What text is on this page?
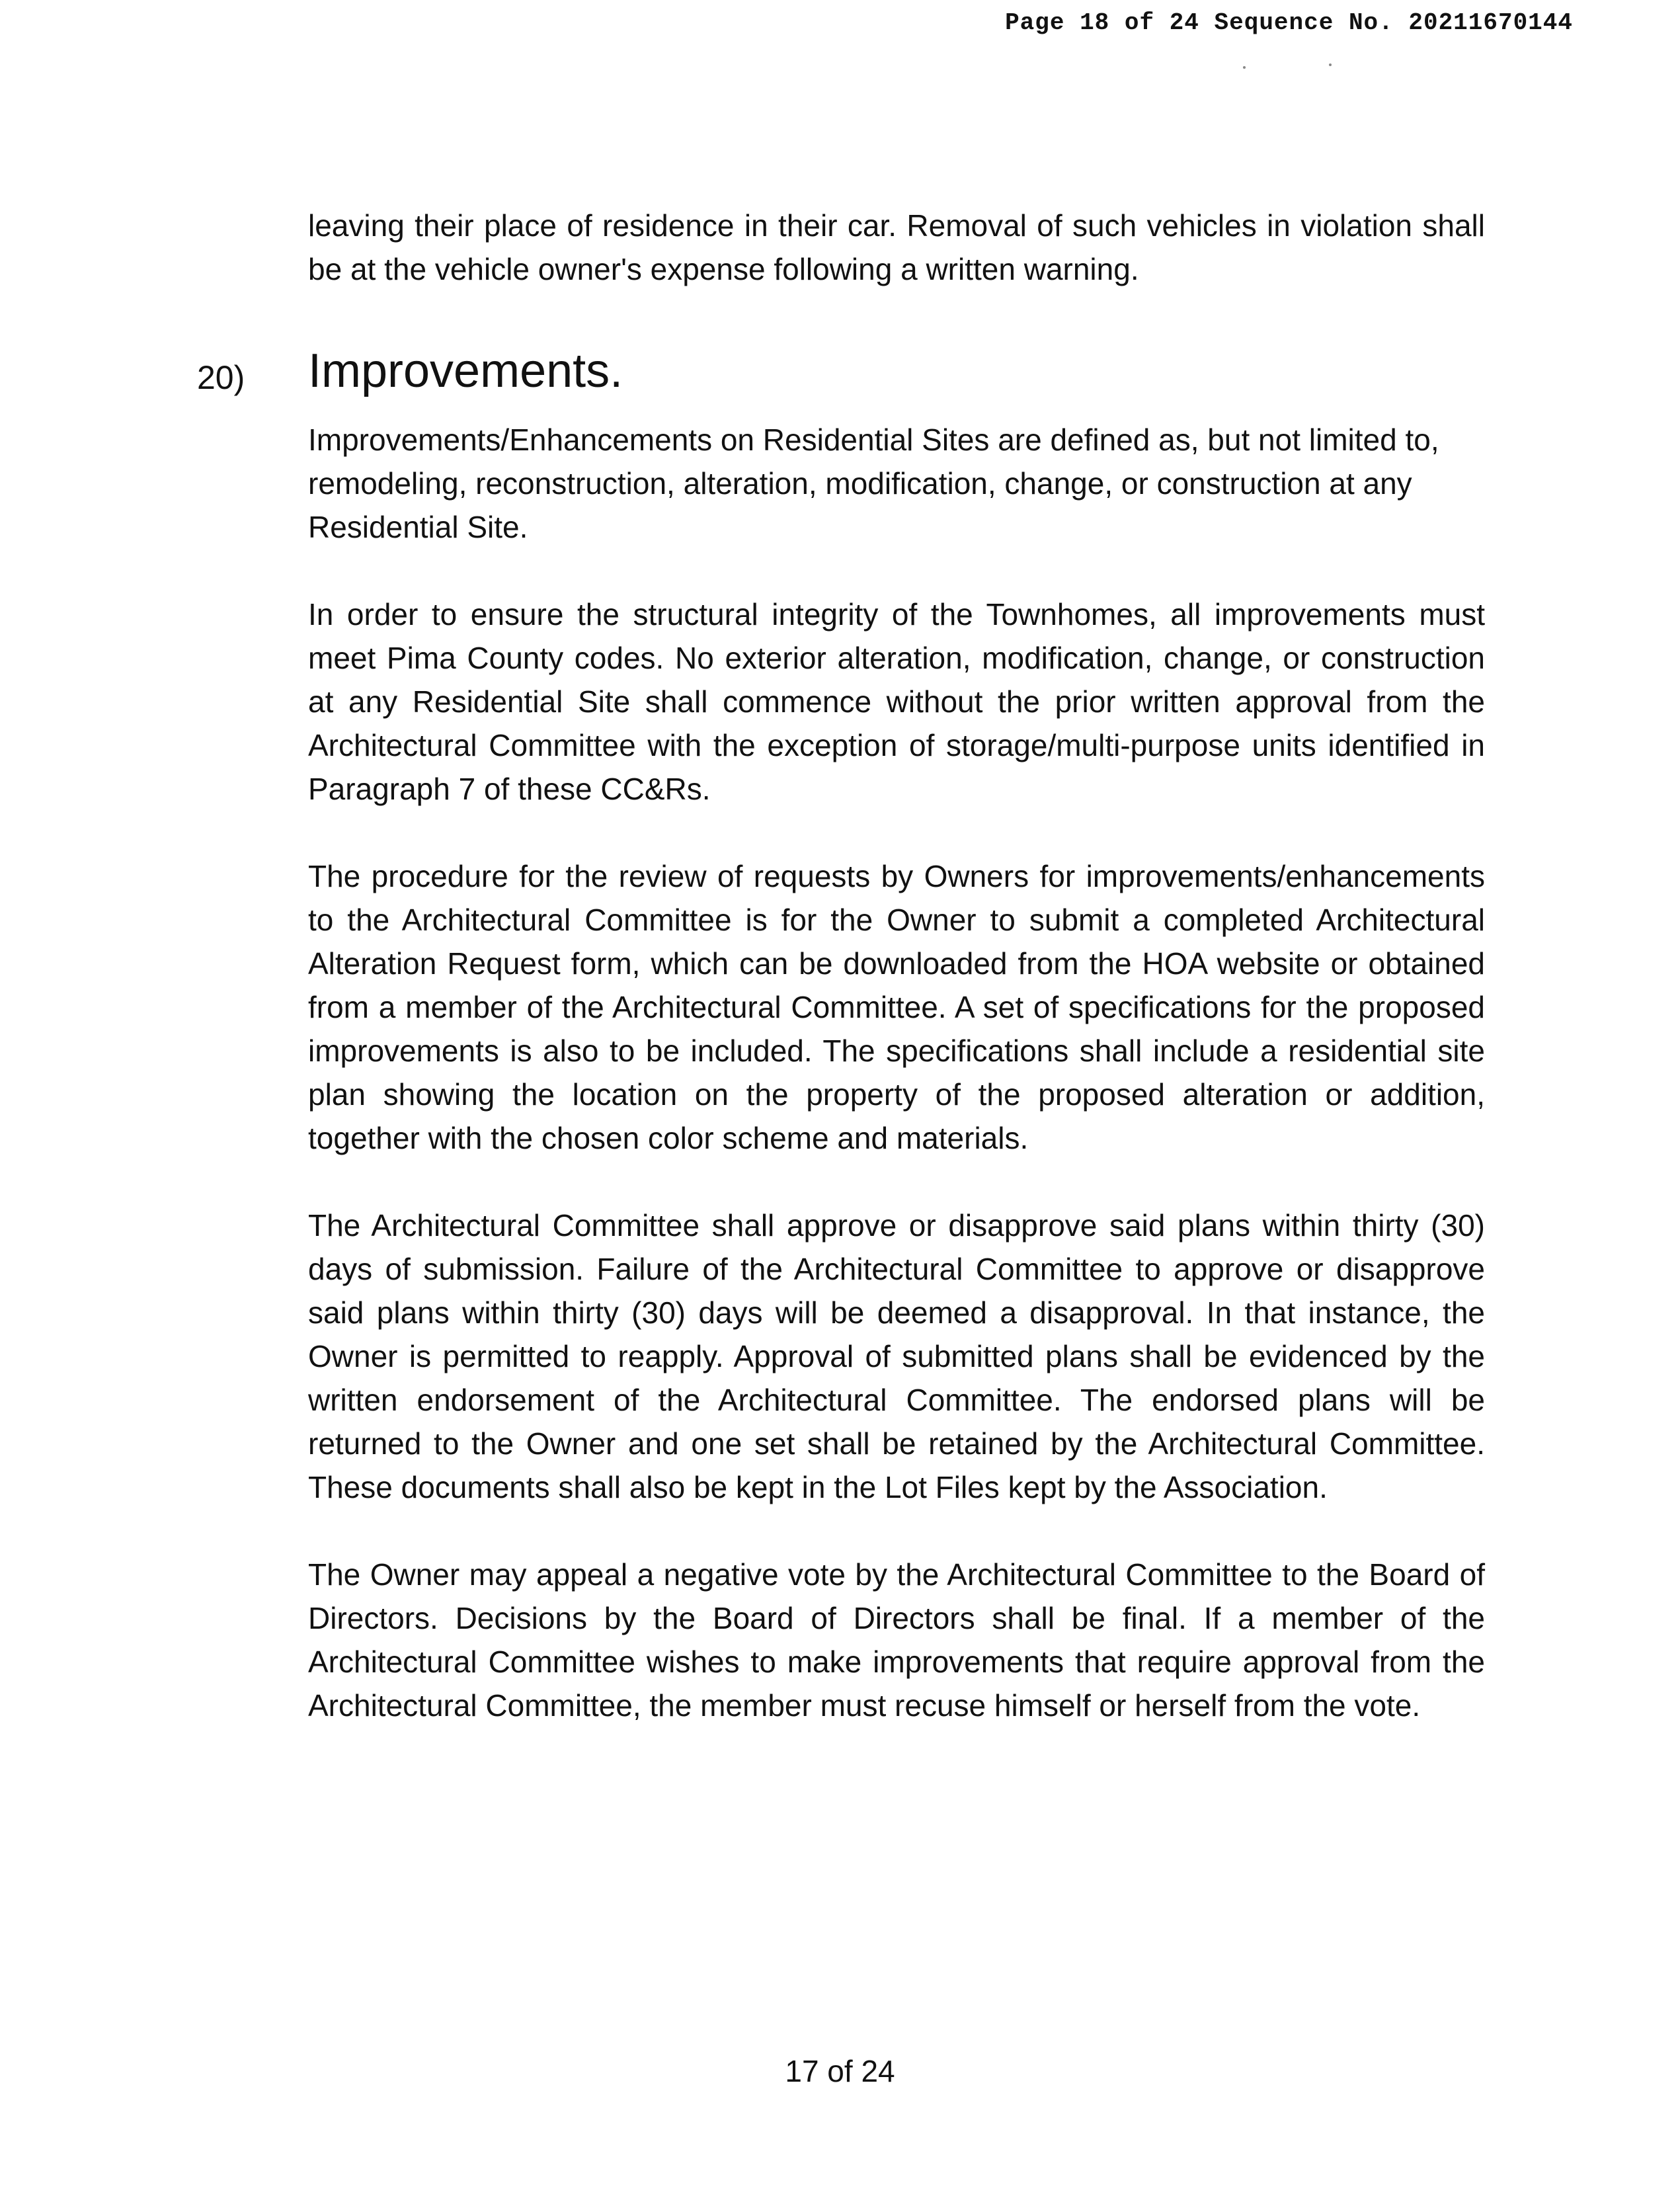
Page 18 of 24 Sequence No. 20211670144

leaving their place of residence in their car. Removal of such vehicles in violation shall be at the vehicle owner's expense following a written warning.

20) Improvements.

Improvements/Enhancements on Residential Sites are defined as, but not limited to, remodeling, reconstruction, alteration, modification, change, or construction at any Residential Site.

In order to ensure the structural integrity of the Townhomes, all improvements must meet Pima County codes. No exterior alteration, modification, change, or construction at any Residential Site shall commence without the prior written approval from the Architectural Committee with the exception of storage/multi-purpose units identified in Paragraph 7 of these CC&Rs.

The procedure for the review of requests by Owners for improvements/enhancements to the Architectural Committee is for the Owner to submit a completed Architectural Alteration Request form, which can be downloaded from the HOA website or obtained from a member of the Architectural Committee. A set of specifications for the proposed improvements is also to be included. The specifications shall include a residential site plan showing the location on the property of the proposed alteration or addition, together with the chosen color scheme and materials.

The Architectural Committee shall approve or disapprove said plans within thirty (30) days of submission. Failure of the Architectural Committee to approve or disapprove said plans within thirty (30) days will be deemed a disapproval. In that instance, the Owner is permitted to reapply. Approval of submitted plans shall be evidenced by the written endorsement of the Architectural Committee. The endorsed plans will be returned to the Owner and one set shall be retained by the Architectural Committee. These documents shall also be kept in the Lot Files kept by the Association.

The Owner may appeal a negative vote by the Architectural Committee to the Board of Directors. Decisions by the Board of Directors shall be final. If a member of the Architectural Committee wishes to make improvements that require approval from the Architectural Committee, the member must recuse himself or herself from the vote.

17 of 24
